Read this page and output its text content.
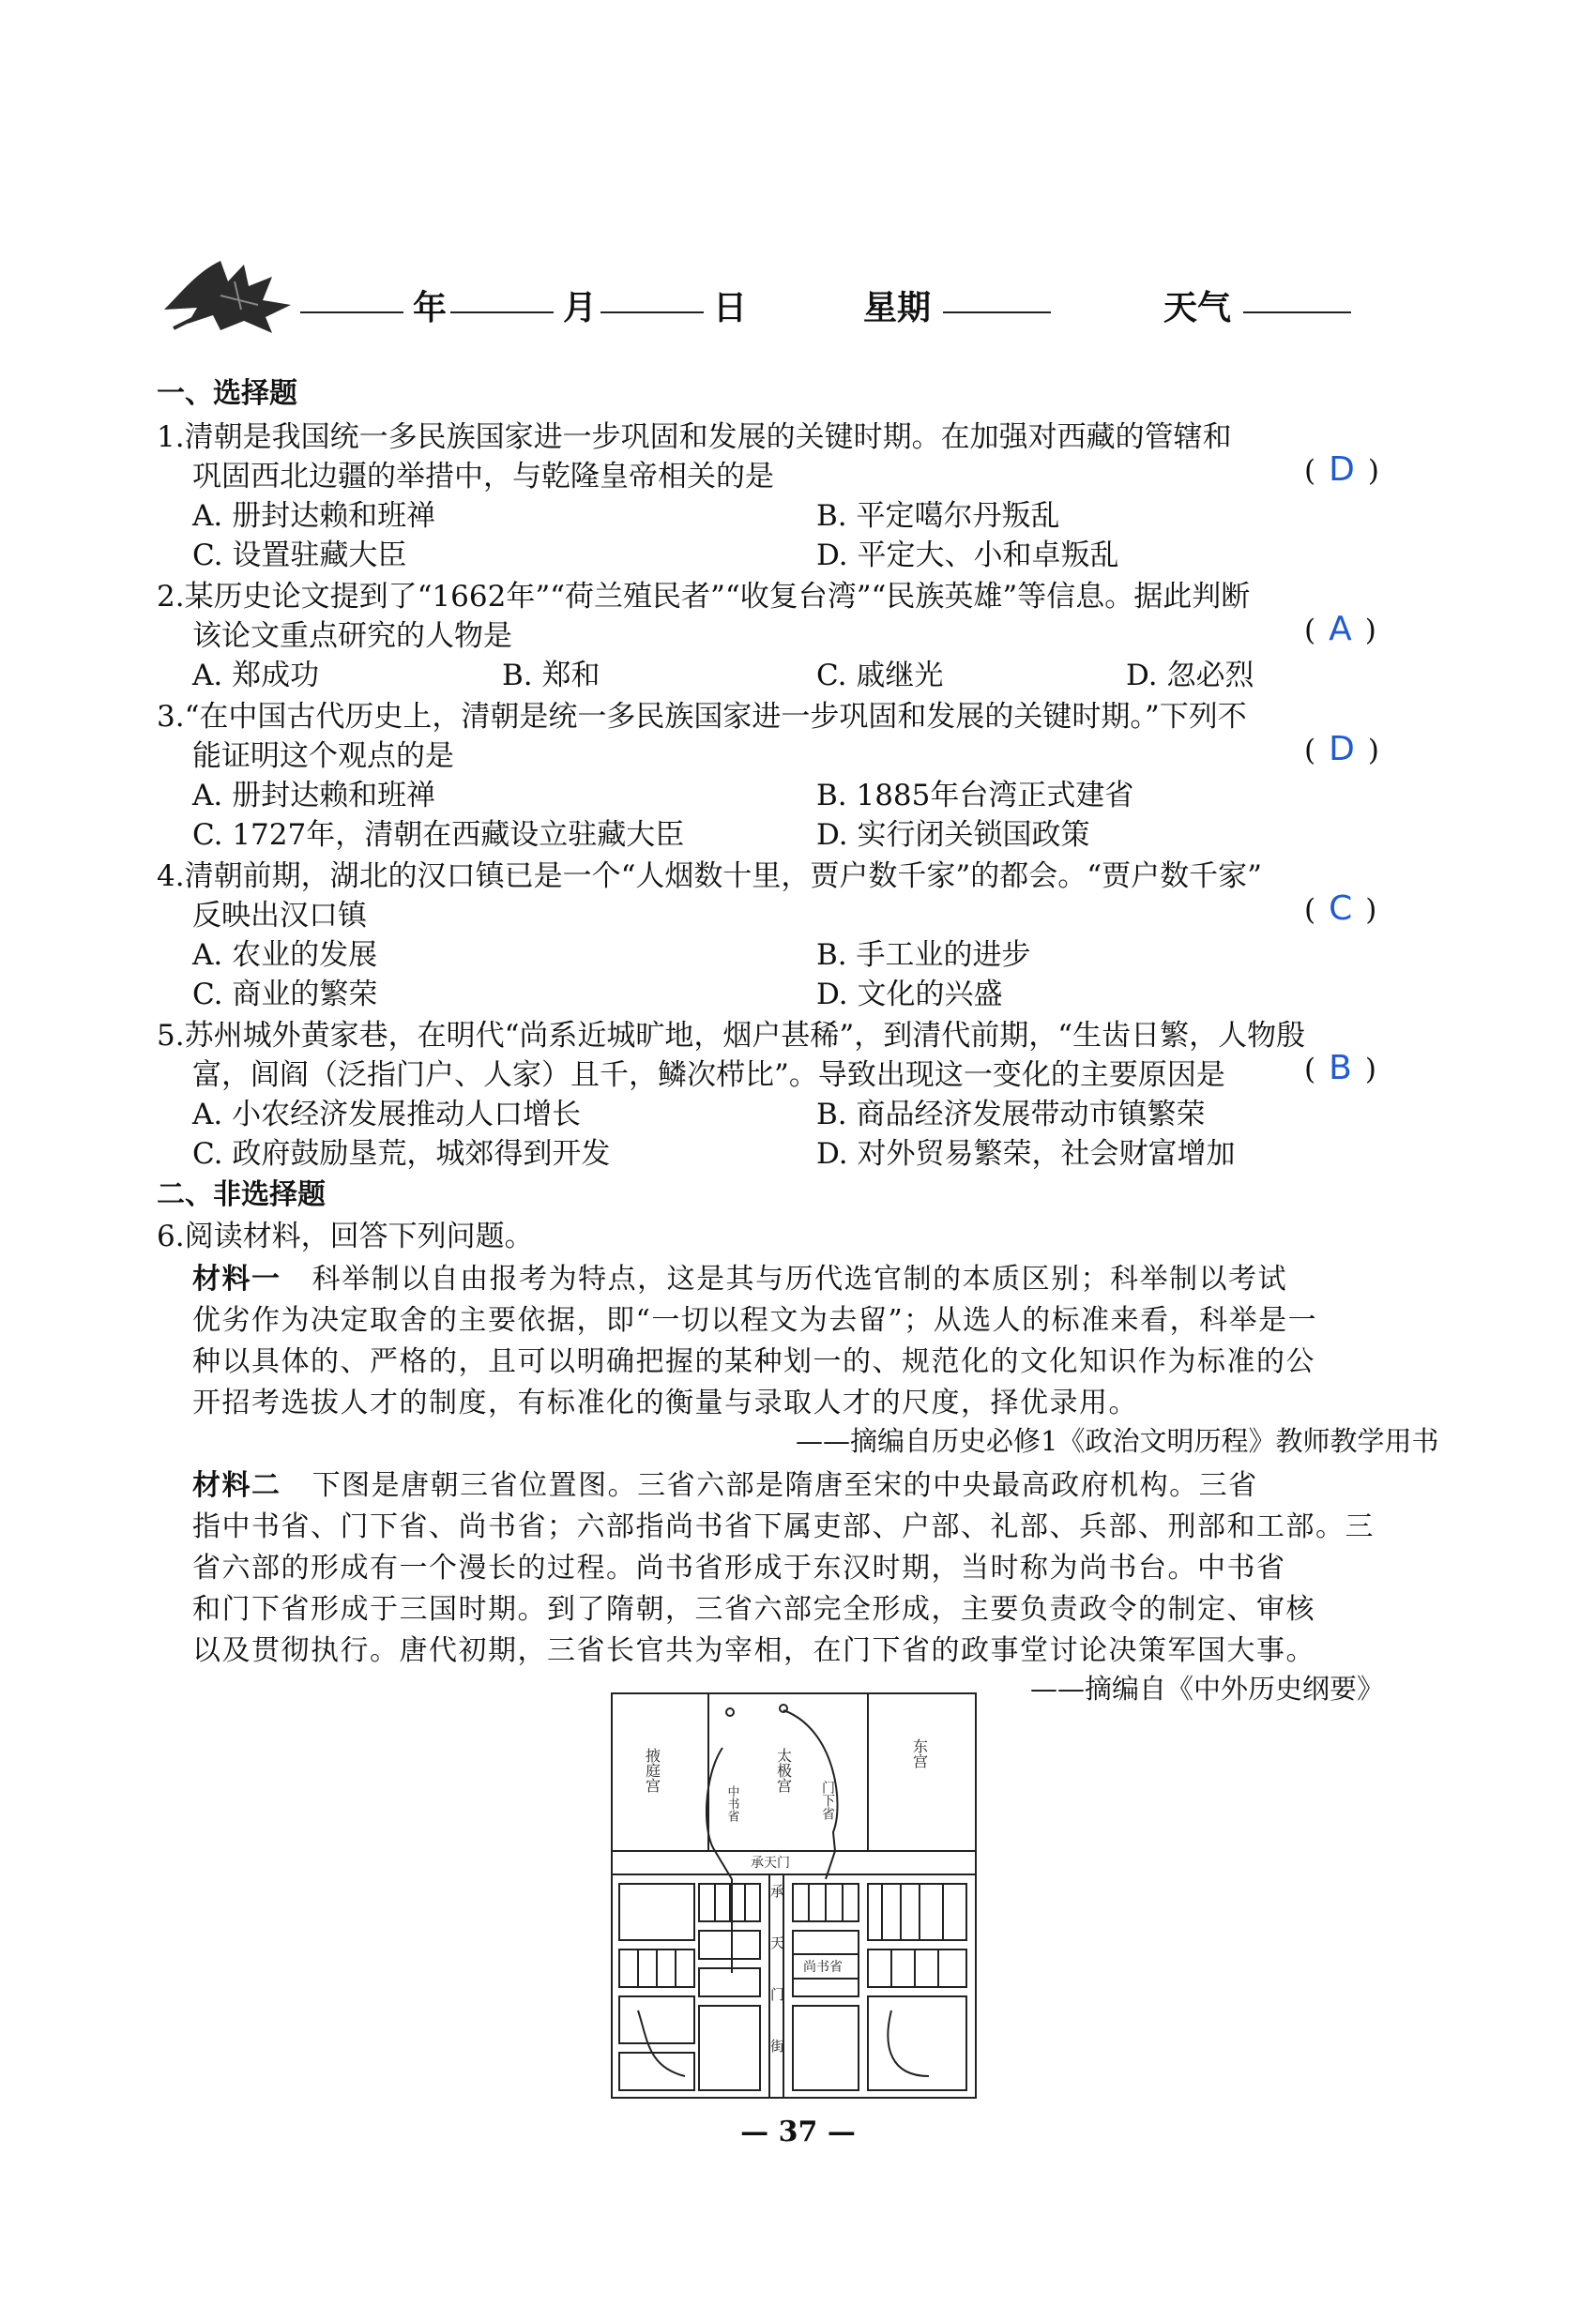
年	月	日	星期	天气
一、选择题
1.清朝是我国统一多民族国家进一步巩固和发展的关键时期。在加强对西藏的管辖和
巩固西北边疆的举措中，与乾隆皇帝相关的是	( D )
A. 册封达赖和班禅	B. 平定噶尔丹叛乱
C. 设置驻藏大臣	D. 平定大、小和卓叛乱
2.某历史论文提到了“1662年”“荷兰殖民者”“收复台湾”“民族英雄”等信息。据此判断
该论文重点研究的人物是	( A )
A. 郑成功	B. 郑和	C. 戚继光	D. 忽必烈
3.“在中国古代历史上，清朝是统一多民族国家进一步巩固和发展的关键时期。”下列不
能证明这个观点的是	( D )
A. 册封达赖和班禅	B. 1885年台湾正式建省
C. 1727年，清朝在西藏设立驻藏大臣	D. 实行闭关锁国政策
4.清朝前期，湖北的汉口镇已是一个“人烟数十里，贾户数千家”的都会。“贾户数千家”
反映出汉口镇	( C )
A. 农业的发展	B. 手工业的进步
C. 商业的繁荣	D. 文化的兴盛
5.苏州城外黄家巷，在明代“尚系近城旷地，烟户甚稀”，到清代前期，“生齿日繁，人物殷
富，闾阎（泛指门户、人家）且千，鳞次栉比”。导致出现这一变化的主要原因是	( B )
A. 小农经济发展推动人口增长	B. 商品经济发展带动市镇繁荣
C. 政府鼓励垦荒，城郊得到开发	D. 对外贸易繁荣，社会财富增加
二、非选择题
6.阅读材料，回答下列问题。
材料一 科举制以自由报考为特点，这是其与历代选官制的本质区别；科举制以考试
优劣作为决定取舍的主要依据，即“一切以程文为去留”；从选人的标准来看，科举是一
种以具体的、严格的，且可以明确把握的某种划一的、规范化的文化知识作为标准的公
开招考选拔人才的制度，有标准化的衡量与录取人才的尺度，择优录用。
——摘编自历史必修1《政治文明历程》教师教学用书
材料二 下图是唐朝三省位置图。三省六部是隋唐至宋的中央最高政府机构。三省
指中书省、门下省、尚书省；六部指尚书省下属吏部、户部、礼部、兵部、刑部和工部。三
省六部的形成有一个漫长的过程。尚书省形成于东汉时期，当时称为尚书台。中书省
和门下省形成于三国时期。到了隋朝，三省六部完全形成，主要负责政令的制定、审核
以及贯彻执行。唐代初期，三省长官共为宰相，在门下省的政事堂讨论决策军国大事。
——摘编自《中外历史纲要》
掖庭宫	太极宫	东宫
中书省	门下省
承天门
承天门街 尚书省
— 37 —
